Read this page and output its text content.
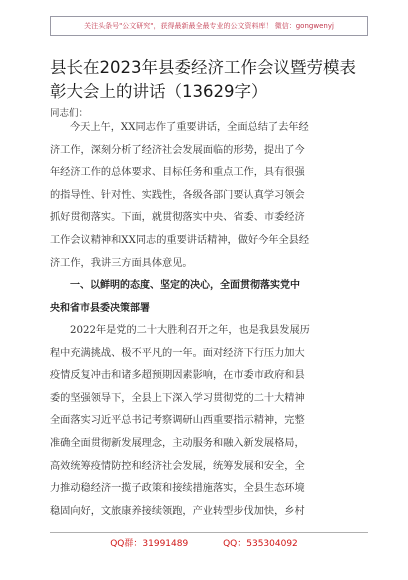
关注头条号"公文研究"，获得最新最全最专业的公文资料库！ 微信：gongwenyj
县长在2023年县委经济工作会议暨劳模表
彰大会上的讲话（13629字）
同志们：
今天上午，XX同志作了重要讲话，全面总结了去年经
济工作，深刻分析了经济社会发展面临的形势，提出了今
年经济工作的总体要求、目标任务和重点工作，具有很强
的指导性、针对性、实践性，各级各部门要认真学习领会
抓好贯彻落实。下面，就贯彻落实中央、省委、市委经济
工作会议精神和XX同志的重要讲话精神，做好今年全县经
济工作，我讲三方面具体意见。
一、以鲜明的态度、坚定的决心，全面贯彻落实党中
央和省市县委决策部署
2022年是党的二十大胜利召开之年，也是我县发展历
程中充满挑战、极不平凡的一年。面对经济下行压力加大
疫情反复冲击和诸多超预期因素影响，在市委市政府和县
委的坚强领导下，全县上下深入学习贯彻党的二十大精神
全面落实习近平总书记考察调研山西重要指示精神，完整
准确全面贯彻新发展理念，主动服务和融入新发展格局，
高效统筹疫情防控和经济社会发展，统筹发展和安全，全
力推动稳经济一揽子政策和接续措施落实，全县生态环境
稳固向好，文旅康养接续领跑，产业转型步伐加快，乡村
QQ群：31991489	QQ：535304092
